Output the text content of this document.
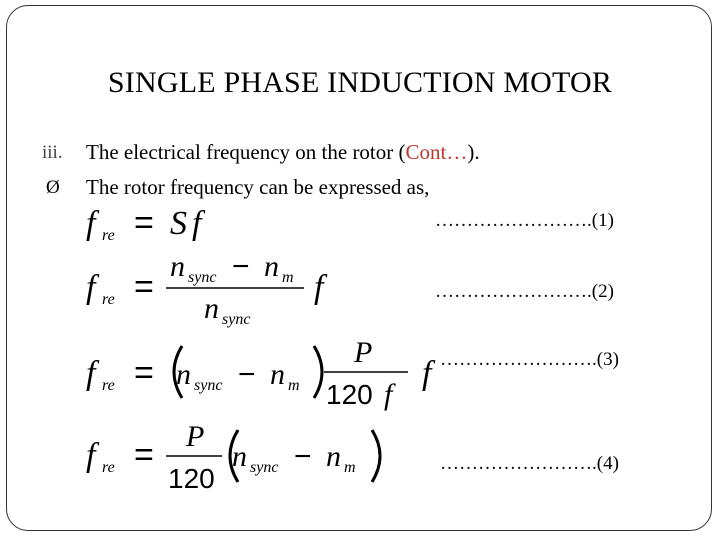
SINGLE PHASE INDUCTION MOTOR
iii. The electrical frequency on the rotor (Cont…).
Ø The rotor frequency can be expressed as,
f re = S f	…………………….(1)
f re =
n sync − n m
n sync
f	…………………….(2)
f re = n sync − n m
P
120 f
f …………………….(3)
f re = P
120
n sync − n m	…………………….(4)
